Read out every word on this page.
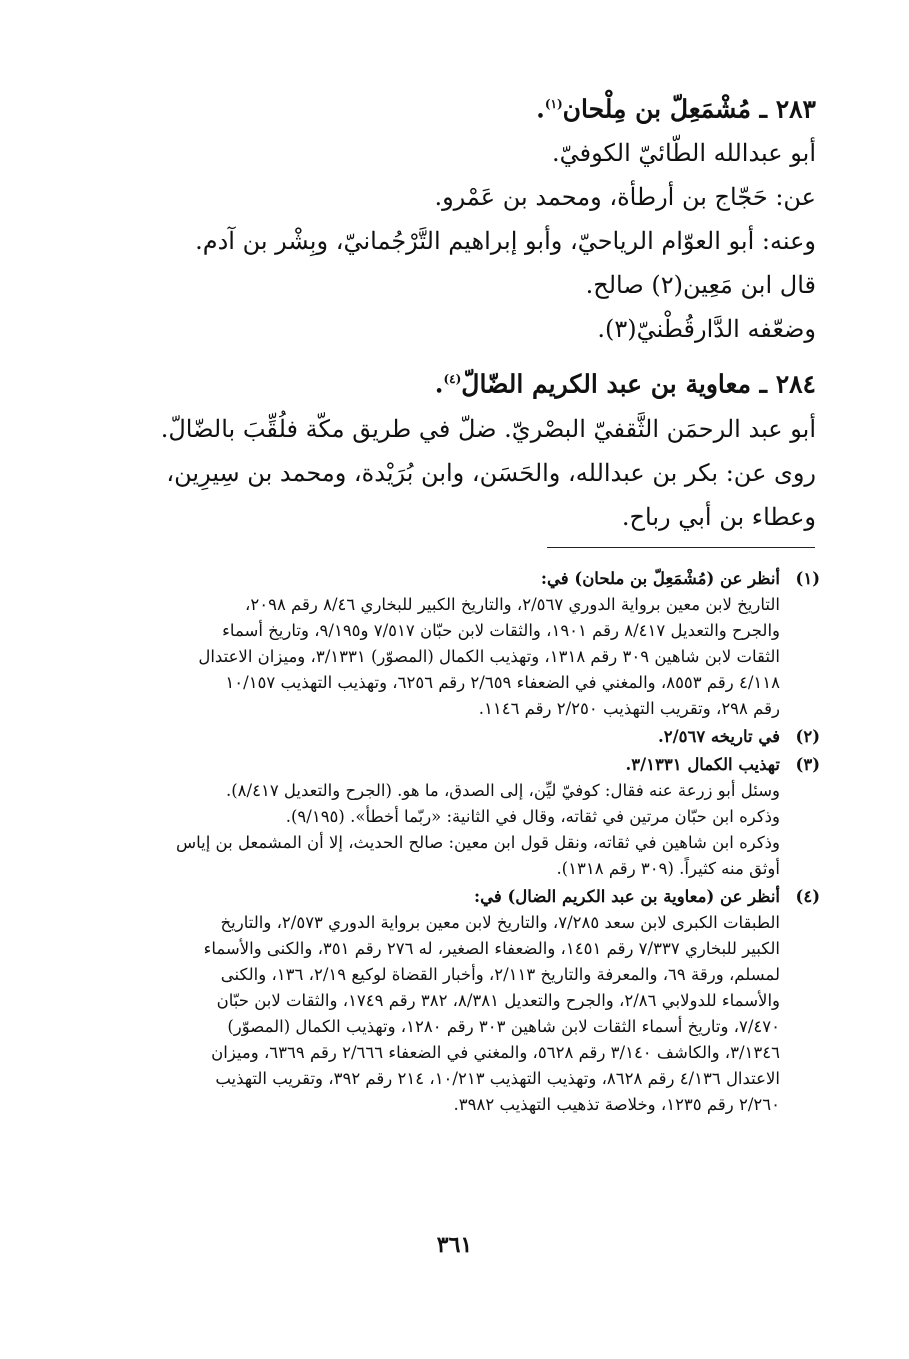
٢٨٣ ـ مُشْمَعِلّ بن مِلْحان$^{(١)}$.
أبو عبدالله الطّائيّ الكوفيّ.
عن: حَجّاج بن أرطأة، ومحمد بن عَمْرو.
وعنه: أبو العوّام الرياحيّ، وأبو إبراهيم التَّرْجُمانيّ، وبِشْر بن آدم.
قال ابن مَعِين(٢) صالح.
وضعّفه الدَّارقُطْنيّ(٣).
٢٨٤ ـ معاوية بن عبد الكريم الضّالّ$^{(٤)}$.
أبو عبد الرحمَن الثَّقفيّ البصْريّ. ضلّ في طريق مكّة فلُقِّبَ بالضّالّ.
روى عن: بكر بن عبدالله، والحَسَن، وابن بُرَيْدة، ومحمد بن سِيرِين،
وعطاء بن أبي رباح.
(١)
أنظر عن (مُشْمَعِلّ بن ملحان) في:
التاريخ لابن معين برواية الدوري ٢/٥٦٧، والتاريخ الكبير للبخاري ٨/٤٦ رقم ٢٠٩٨،
والجرح والتعديل ٨/٤١٧ رقم ١٩٠١، والثقات لابن حبّان ٧/٥١٧ و٩/١٩٥، وتاريخ أسماء
الثقات لابن شاهين ٣٠٩ رقم ١٣١٨، وتهذيب الكمال (المصوّر) ٣/١٣٣١، وميزان الاعتدال
٤/١١٨ رقم ٨٥٥٣، والمغني في الضعفاء ٢/٦٥٩ رقم ٦٢٥٦، وتهذيب التهذيب ١٠/١٥٧
رقم ٢٩٨، وتقريب التهذيب ٢/٢٥٠ رقم ١١٤٦.
(٢)
في تاريخه ٢/٥٦٧.
(٣)
تهذيب الكمال ٣/١٣٣١.
وسئل أبو زرعة عنه فقال: كوفيّ ليِّن، إلى الصدق، ما هو. (الجرح والتعديل ٨/٤١٧).
وذكره ابن حبّان مرتين في ثقاته، وقال في الثانية: «ربّما أخطأ». (٩/١٩٥).
وذكره ابن شاهين في ثقاته، ونقل قول ابن معين: صالح الحديث، إلا أن المشمعل بن إياس
أوثق منه كثيراً. (٣٠٩ رقم ١٣١٨).
(٤)
أنظر عن (معاوية بن عبد الكريم الضال) في:
الطبقات الكبرى لابن سعد ٧/٢٨٥، والتاريخ لابن معين برواية الدوري ٢/٥٧٣، والتاريخ
الكبير للبخاري ٧/٣٣٧ رقم ١٤٥١، والضعفاء الصغير، له ٢٧٦ رقم ٣٥١، والكنى والأسماء
لمسلم، ورقة ٦٩، والمعرفة والتاريخ ٢/١١٣، وأخبار القضاة لوكيع ٢/١٩، ١٣٦، والكنى
والأسماء للدولابي ٢/٨٦، والجرح والتعديل ٨/٣٨١، ٣٨٢ رقم ١٧٤٩، والثقات لابن حبّان
٧/٤٧٠، وتاريخ أسماء الثقات لابن شاهين ٣٠٣ رقم ١٢٨٠، وتهذيب الكمال (المصوّر)
٣/١٣٤٦، والكاشف ٣/١٤٠ رقم ٥٦٢٨، والمغني في الضعفاء ٢/٦٦٦ رقم ٦٣٦٩، وميزان
الاعتدال ٤/١٣٦ رقم ٨٦٢٨، وتهذيب التهذيب ١٠/٢١٣، ٢١٤ رقم ٣٩٢، وتقريب التهذيب
٢/٢٦٠ رقم ١٢٣٥، وخلاصة تذهيب التهذيب ٣٩٨٢.
٣٦١
